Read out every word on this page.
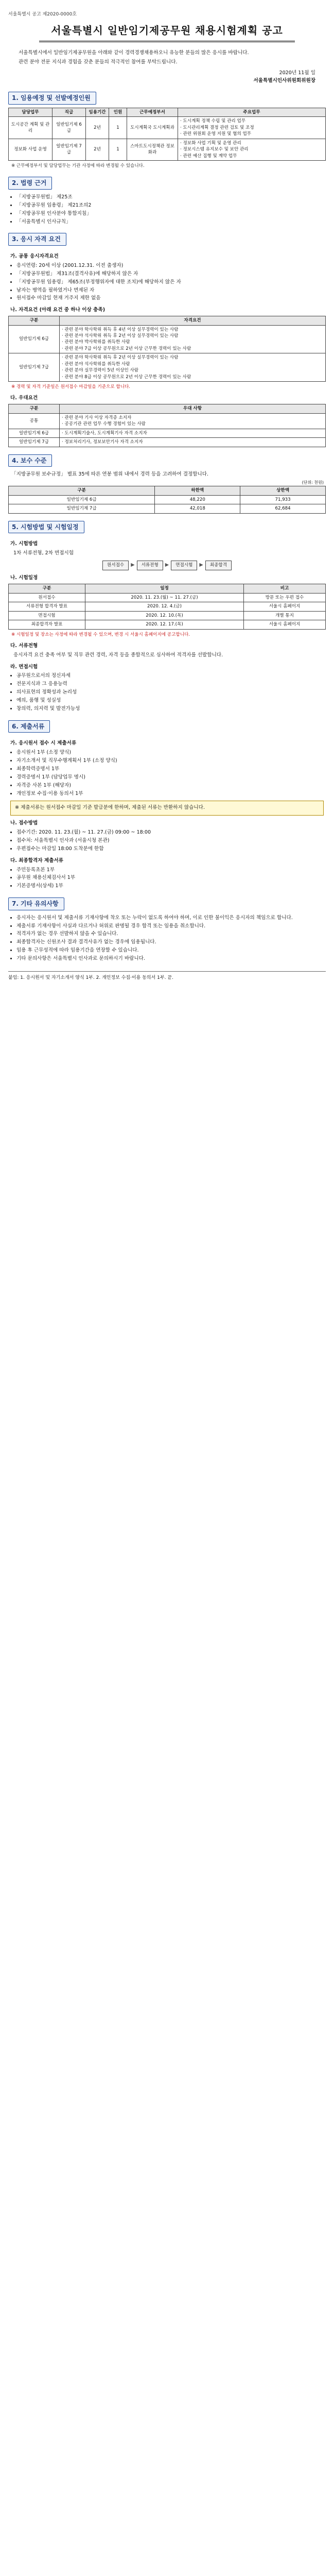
서울특별시 공고 제2020-0000호
서울특별시 일반임기제공무원 채용시험계획 공고

서울특별시에서 일반임기제공무원을 아래와 같이 경력경쟁채용하오니 유능한 분들의 많은 응시를 바랍니다.

관련 분야 전문 지식과 경험을 갖춘 분들의 적극적인 참여를 부탁드립니다.

2020년 11월 일
서울특별시인사위원회위원장
1. 임용예정 및 선발예정인원
담당업무	직급	임용기간	인원	근무예정부서	주요업무
도시공간 계획 및 관리	일반임기제 6급	2년	1	도시계획국 도시계획과	· 도시계획 정책 수립 및 관리 업무
· 도시관리계획 결정 관련 검토 및 조정
· 관련 위원회 운영 지원 및 협의 업무
정보화 사업 운영	일반임기제 7급	2년	1	스마트도시정책관 정보화과	· 정보화 사업 기획 및 운영 관리
· 정보시스템 유지보수 및 보안 관리
· 관련 예산 집행 및 계약 업무
※ 근무예정부서 및 담당업무는 기관 사정에 따라 변경될 수 있습니다.
2. 법령 근거
• 「지방공무원법」 제25조
• 「지방공무원 임용령」 제21조의2
• 「지방공무원 인사분야 통합지침」
• 「서울특별시 인사규칙」
3. 응시 자격 요건
가. 공통 응시자격요건
• 응시연령: 20세 이상 (2001.12.31. 이전 출생자)
• 「지방공무원법」 제31조(결격사유)에 해당하지 않은 자
• 「지방공무원 임용령」 제65조(부정행위자에 대한 조치)에 해당하지 않은 자
• 남자는 병역을 필하였거나 면제된 자
• 원서접수 마감일 현재 거주지 제한 없음
나. 자격요건 (아래 요건 중 하나 이상 충족)
구분	자격요건
일반임기제 6급	· 관련 분야 학사학위 취득 후 4년 이상 실무경력이 있는 사람
· 관련 분야 석사학위 취득 후 2년 이상 실무경력이 있는 사람
· 관련 분야 박사학위를 취득한 사람
· 관련 분야 7급 이상 공무원으로 2년 이상 근무한 경력이 있는 사람
일반임기제 7급	· 관련 분야 학사학위 취득 후 2년 이상 실무경력이 있는 사람
· 관련 분야 석사학위를 취득한 사람
· 관련 분야 실무경력이 5년 이상인 사람
· 관련 분야 8급 이상 공무원으로 2년 이상 근무한 경력이 있는 사람
※ 경력 및 자격 기준일은 원서접수 마감일을 기준으로 합니다.
다. 우대요건
구분	우대 사항
공통	· 관련 분야 기사 이상 자격증 소지자
· 공공기관 관련 업무 수행 경험이 있는 사람
일반임기제 6급	· 도시계획기술사, 도시계획기사 자격 소지자
일반임기제 7급	· 정보처리기사, 정보보안기사 자격 소지자
4. 보수 수준

「지방공무원 보수규정」 별표 35에 따른 연봉 범위 내에서 경력 등을 고려하여 결정합니다.

(단위: 천원)
구분	하한액	상한액
일반임기제 6급	48,220	71,933
일반임기제 7급	42,018	62,684
5. 시험방법 및 시험일정
가. 시험방법

1차 서류전형, 2차 면접시험

원서접수	▶	서류전형	▶	면접시험	▶	최종합격
나. 시험일정
구분	일정	비고
원서접수	2020. 11. 23.(월) ~ 11. 27.(금)	방문 또는 우편 접수
서류전형 합격자 발표	2020. 12. 4.(금)	서울시 홈페이지
면접시험	2020. 12. 10.(목)	개별 통지
최종합격자 발표	2020. 12. 17.(목)	서울시 홈페이지
※ 시험일정 및 장소는 사정에 따라 변경될 수 있으며, 변경 시 서울시 홈페이지에 공고합니다.
다. 서류전형

응시자격 요건 충족 여부 및 직무 관련 경력, 자격 등을 종합적으로 심사하여 적격자를 선발합니다.

라. 면접시험
• 공무원으로서의 정신자세
• 전문지식과 그 응용능력
• 의사표현의 정확성과 논리성
• 예의, 품행 및 성실성
• 창의력, 의지력 및 발전가능성
6. 제출서류
가. 응시원서 접수 시 제출서류
• 응시원서 1부 (소정 양식)
• 자기소개서 및 직무수행계획서 1부 (소정 양식)
• 최종학력증명서 1부
• 경력증명서 1부 (담당업무 명시)
• 자격증 사본 1부 (해당자)
• 개인정보 수집·이용 동의서 1부
※ 제출서류는 원서접수 마감일 기준 발급분에 한하며, 제출된 서류는 반환하지 않습니다.
나. 접수방법
• 접수기간: 2020. 11. 23.(월) ~ 11. 27.(금) 09:00 ~ 18:00
• 접수처: 서울특별시 인사과 (서울시청 본관)
• 우편접수는 마감일 18:00 도착분에 한함
다. 최종합격자 제출서류
• 주민등록초본 1부
• 공무원 채용신체검사서 1부
• 기본증명서(상세) 1부
7. 기타 유의사항
• 응시자는 응시원서 및 제출서류 기재사항에 착오 또는 누락이 없도록 하여야 하며, 이로 인한 불이익은 응시자의 책임으로 합니다.
• 제출서류 기재사항이 사실과 다르거나 허위로 판명될 경우 합격 또는 임용을 취소합니다.
• 적격자가 없는 경우 선발하지 않을 수 있습니다.
• 최종합격자는 신원조사 결과 결격사유가 없는 경우에 임용됩니다.
• 임용 후 근무성적에 따라 임용기간을 연장할 수 있습니다.
• 기타 문의사항은 서울특별시 인사과로 문의하시기 바랍니다.
붙임: 1. 응시원서 및 자기소개서 양식 1부. 2. 개인정보 수집·이용 동의서 1부. 끝.
